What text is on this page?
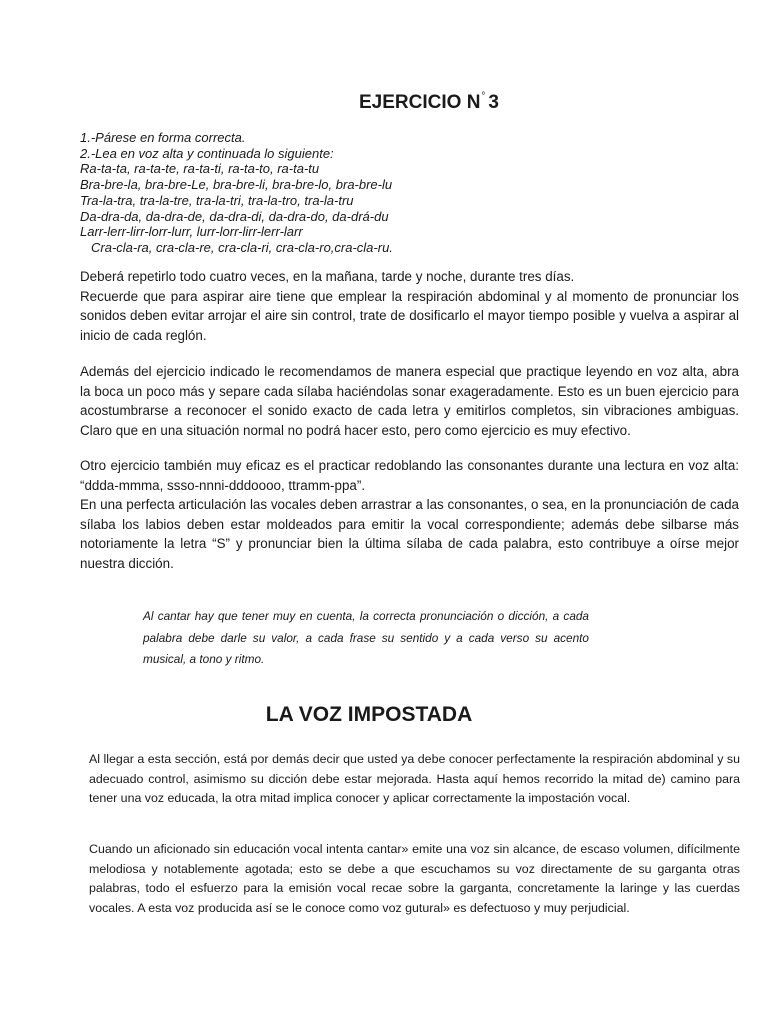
EJERCICIO N° 3
1.-Párese en forma correcta.
2.-Lea en voz alta y continuada lo siguiente:
Ra-ta-ta, ra-ta-te, ra-ta-ti, ra-ta-to, ra-ta-tu
Bra-bre-la, bra-bre-Le, bra-bre-li, bra-bre-lo, bra-bre-lu
Tra-la-tra, tra-la-tre, tra-la-tri, tra-la-tro, tra-la-tru
Da-dra-da, da-dra-de, da-dra-di, da-dra-do, da-drá-du
Larr-lerr-lirr-lorr-lurr, lurr-lorr-lirr-lerr-larr
Cra-cla-ra, cra-cla-re, cra-cla-ri, cra-cla-ro,cra-cla-ru.
Deberá repetirlo todo cuatro veces, en la mañana, tarde y noche, durante tres días.
Recuerde que para aspirar aire tiene que emplear la respiración abdominal y al momento de pronunciar los sonidos deben evitar arrojar el aire sin control, trate de dosificarlo el mayor tiempo posible y vuelva a aspirar al inicio de cada reglón.
Además del ejercicio indicado le recomendamos de manera especial que practique leyendo en voz alta, abra la boca un poco más y separe cada sílaba haciéndolas sonar exageradamente. Esto es un buen ejercicio para acostumbrarse a reconocer el sonido exacto de cada letra y emitirlos completos, sin vibraciones ambiguas. Claro que en una situación normal no podrá hacer esto, pero como ejercicio es muy efectivo.
Otro ejercicio también muy eficaz es el practicar redoblando las consonantes durante una lectura en voz alta: “ddda-mmma, ssso-nnni-dddoooo, ttramm-ppa”.
En una perfecta articulación las vocales deben arrastrar a las consonantes, o sea, en la pronunciación de cada sílaba los labios deben estar moldeados para emitir la vocal correspondiente; además debe silbarse más notoriamente la letra “S” y pronunciar bien la última sílaba de cada palabra, esto contribuye a oírse mejor nuestra dicción.
Al cantar hay que tener muy en cuenta, la correcta pronunciación o dicción, a cada palabra debe darle su valor, a cada frase su sentido y a cada verso su acento musical, a tono y ritmo.
LA VOZ IMPOSTADA
Al llegar a esta sección, está por demás decir que usted ya debe conocer perfectamente la respiración abdominal y su adecuado control, asimismo su dicción debe estar mejorada. Hasta aquí hemos recorrido la mitad de) camino para tener una voz educada, la otra mitad implica conocer y aplicar correctamente la impostación vocal.
Cuando un aficionado sin educación vocal intenta cantar» emite una voz sin alcance, de escaso volumen, difícilmente melodiosa y notablemente agotada; esto se debe a que escuchamos su voz directamente de su garganta otras palabras, todo el esfuerzo para la emisión vocal recae sobre la garganta, concretamente la laringe y las cuerdas vocales. A esta voz producida así se le conoce como voz gutural» es defectuoso y muy perjudicial.
